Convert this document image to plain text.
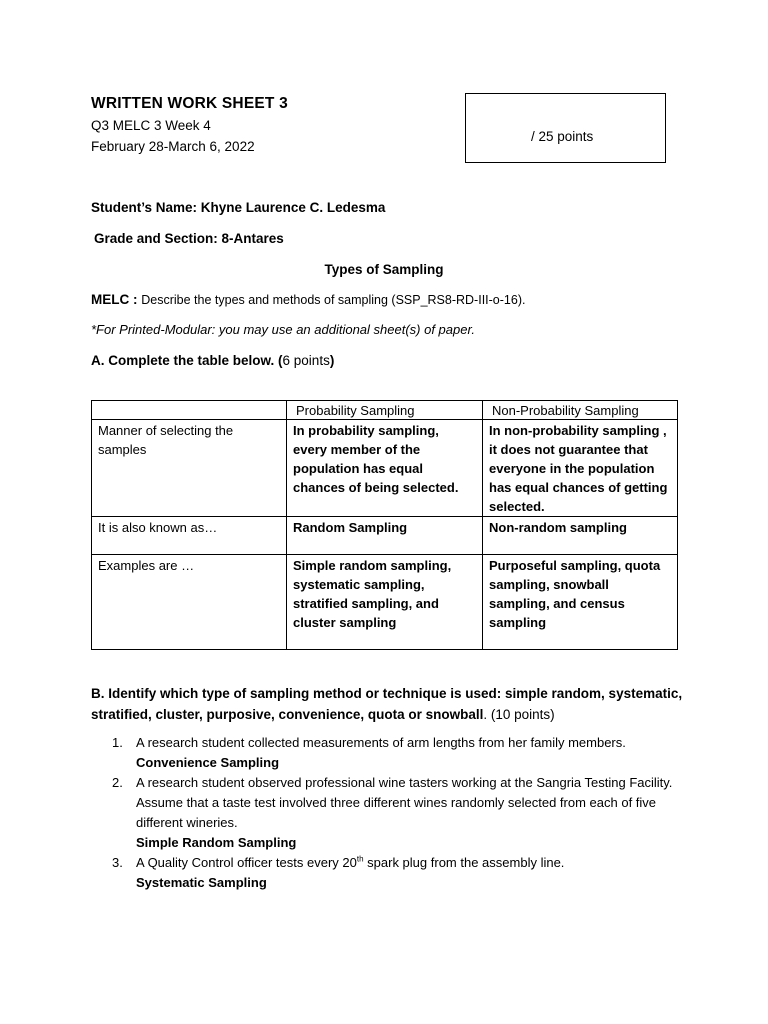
WRITTEN WORK SHEET 3
Q3 MELC 3 Week 4
February 28-March 6, 2022
/ 25 points
Student’s Name: Khyne Laurence C. Ledesma
Grade and Section: 8-Antares
Types of Sampling
MELC : Describe the types and methods of sampling (SSP_RS8-RD-III-o-16).
*For Printed-Modular: you may use an additional sheet(s) of paper.
A. Complete the table below. (6 points)
	Probability Sampling	Non-Probability Sampling
Manner of selecting the samples	In probability sampling, every member of the population has equal chances of being selected.	In non-probability sampling , it does not guarantee that everyone in the population has equal chances of getting selected.
It is also known as…	Random Sampling	Non-random sampling
Examples are …	Simple random sampling, systematic sampling, stratified sampling, and cluster sampling	Purposeful sampling, quota sampling, snowball sampling, and census sampling
B. Identify which type of sampling method or technique is used: simple random, systematic, stratified, cluster, purposive, convenience, quota or snowball. (10 points)
1. A research student collected measurements of arm lengths from her family members.
Convenience Sampling
2. A research student observed professional wine tasters working at the Sangria Testing Facility. Assume that a taste test involved three different wines randomly selected from each of five different wineries.
Simple Random Sampling
3. A Quality Control officer tests every 20th spark plug from the assembly line.
Systematic Sampling
